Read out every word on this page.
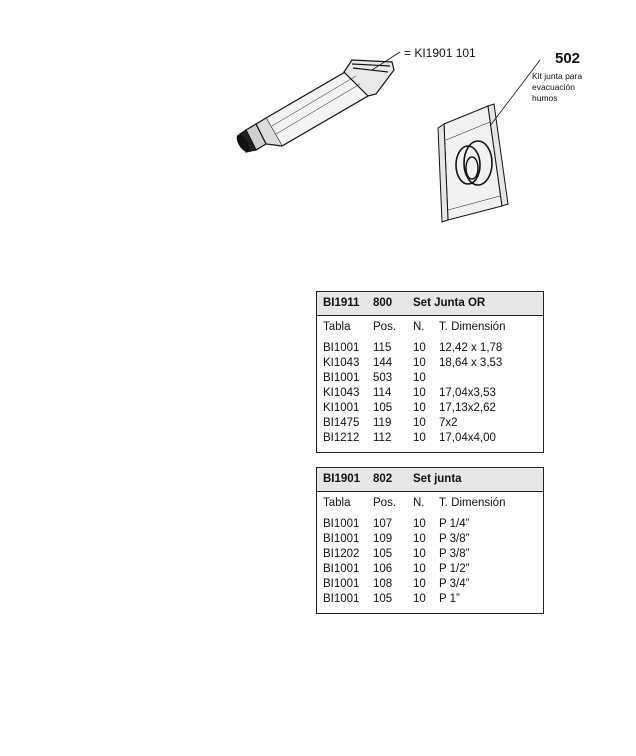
= KI1901 101	502
Kit junta para
evacuación
humos
BI1911 800 Set Junta OR
Tabla Pos. N. T. Dimensión
BI1001 115 10 12,42 x 1,78
KI1043 144 10 18,64 x 3,53
BI1001 503 10
KI1043 114 10 17,04x3,53
KI1001 105 10 17,13x2,62
BI1475 119 10 7x2
BI1212 112 10 17,04x4,00
BI1901 802 Set junta
Tabla Pos. N. T. Dimensión
BI1001 107 10 P 1/4”
BI1001 109 10 P 3/8”
BI1202 105 10 P 3/8”
BI1001 106 10 P 1/2”
BI1001 108 10 P 3/4”
BI1001 105 10 P 1”
